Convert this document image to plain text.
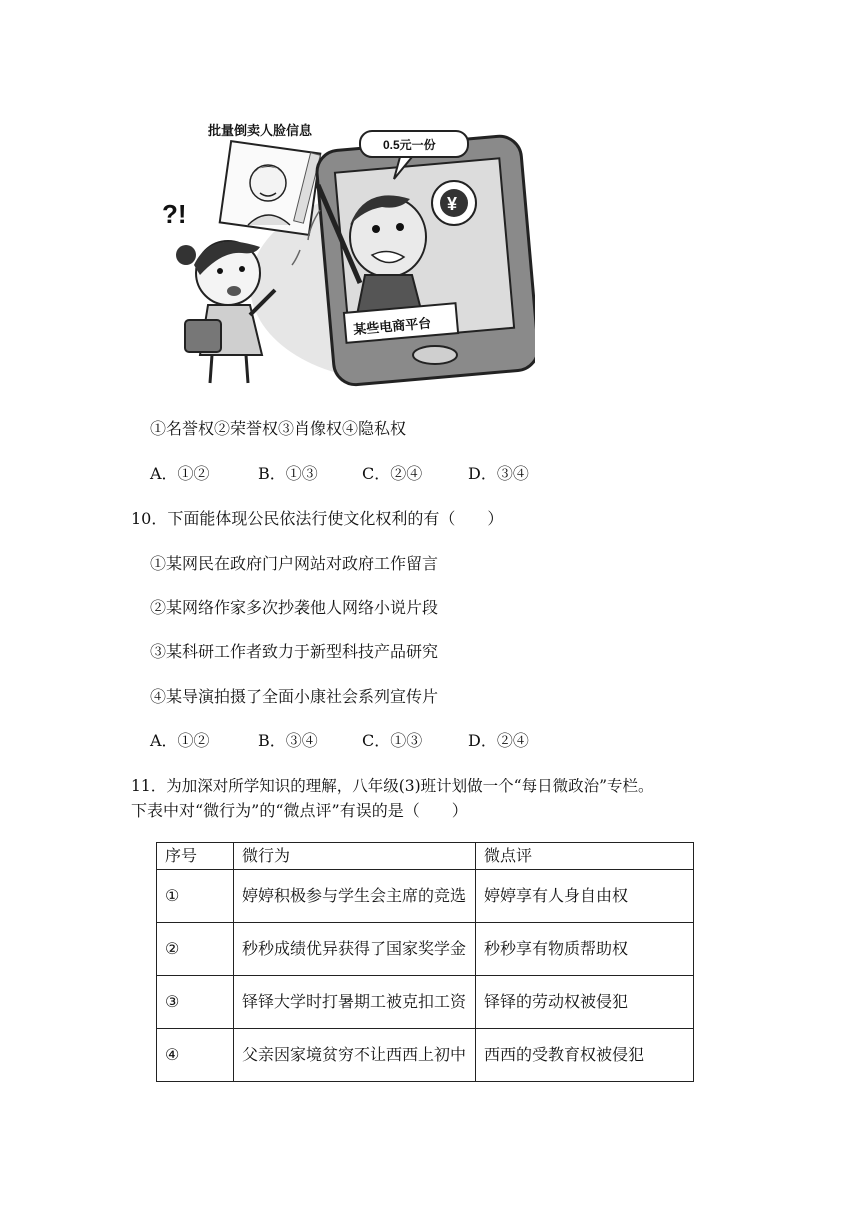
批量倒卖人脸信息
?!
0.5元一份
¥
某些电商平台
①名誉权②荣誉权③肖像权④隐私权
A．①②	B．①③	C．②④	D．③④
10．下面能体现公民依法行使文化权利的有（　　）
①某网民在政府门户网站对政府工作留言
②某网络作家多次抄袭他人网络小说片段
③某科研工作者致力于新型科技产品研究
④某导演拍摄了全面小康社会系列宣传片
A．①②	B．③④	C．①③	D．②④
11．为加深对所学知识的理解，八年级(3)班计划做一个“每日微政治”专栏。
下表中对“微行为”的“微点评”有误的是（　　）
序号	微行为	微点评
①	婷婷积极参与学生会主席的竞选	婷婷享有人身自由权
②	秒秒成绩优异获得了国家奖学金	秒秒享有物质帮助权
③	铎铎大学时打暑期工被克扣工资	铎铎的劳动权被侵犯
④	父亲因家境贫穷不让西西上初中	西西的受教育权被侵犯
